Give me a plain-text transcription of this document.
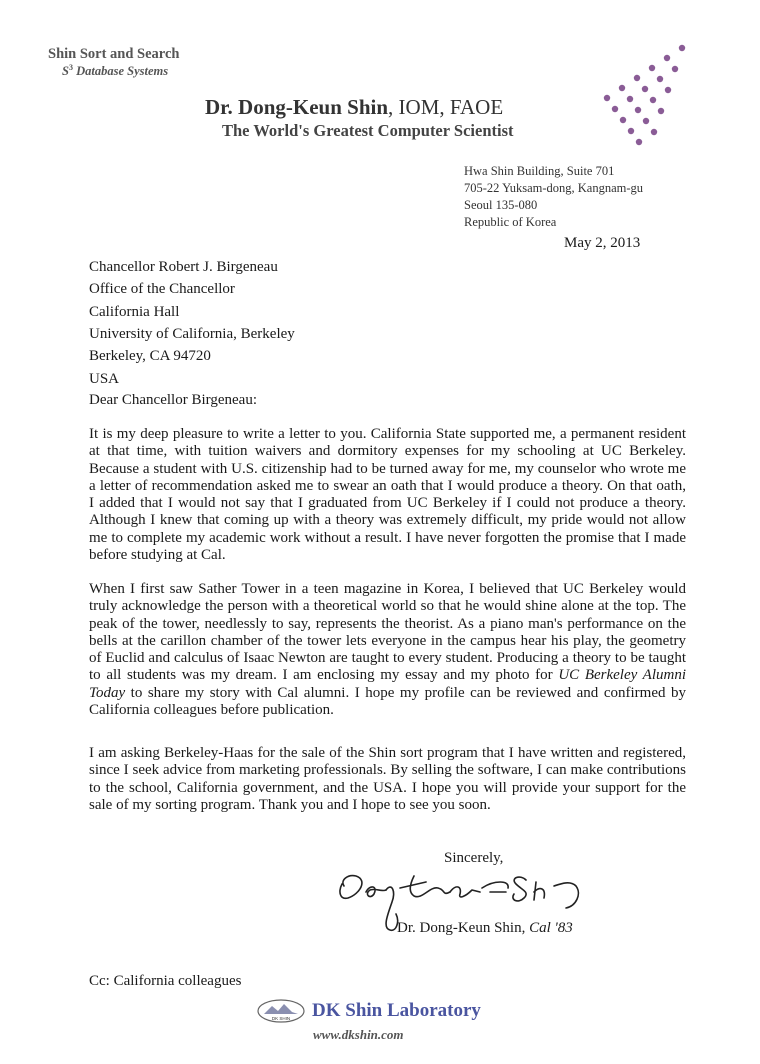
Shin Sort and Search
$S^3$ Database Systems
Dr. Dong-Keun Shin, IOM, FAOE
The World's Greatest Computer Scientist
Hwa Shin Building, Suite 701
705-22 Yuksam-dong, Kangnam-gu
Seoul 135-080
Republic of Korea
May 2, 2013
Chancellor Robert J. Birgeneau
Office of the Chancellor
California Hall
University of California, Berkeley
Berkeley, CA 94720
USA
Dear Chancellor Birgeneau:
It is my deep pleasure to write a letter to you. California State supported me, a permanent resident at that time, with tuition waivers and dormitory expenses for my schooling at UC Berkeley. Because a student with U.S. citizenship had to be turned away for me, my counselor who wrote me a letter of recommendation asked me to swear an oath that I would produce a theory. On that oath, I added that I would not say that I graduated from UC Berkeley if I could not produce a theory. Although I knew that coming up with a theory was extremely difficult, my pride would not allow me to complete my academic work without a result. I have never forgotten the promise that I made before studying at Cal.
When I first saw Sather Tower in a teen magazine in Korea, I believed that UC Berkeley would truly acknowledge the person with a theoretical world so that he would shine alone at the top. The peak of the tower, needlessly to say, represents the theorist. As a piano man's performance on the bells at the carillon chamber of the tower lets everyone in the campus hear his play, the geometry of Euclid and calculus of Isaac Newton are taught to every student. Producing a theory to be taught to all students was my dream. I am enclosing my essay and my photo for UC Berkeley Alumni Today to share my story with Cal alumni. I hope my profile can be reviewed and confirmed by California colleagues before publication.
I am asking Berkeley-Haas for the sale of the Shin sort program that I have written and registered, since I seek advice from marketing professionals. By selling the software, I can make contributions to the school, California government, and the USA. I hope you will provide your support for the sale of my sorting program. Thank you and I hope to see you soon.
Sincerely,
Dr. Dong-Keun Shin, Cal '83
Cc: California colleagues
DK SHIN DK Shin Laboratory
www.dkshin.com
